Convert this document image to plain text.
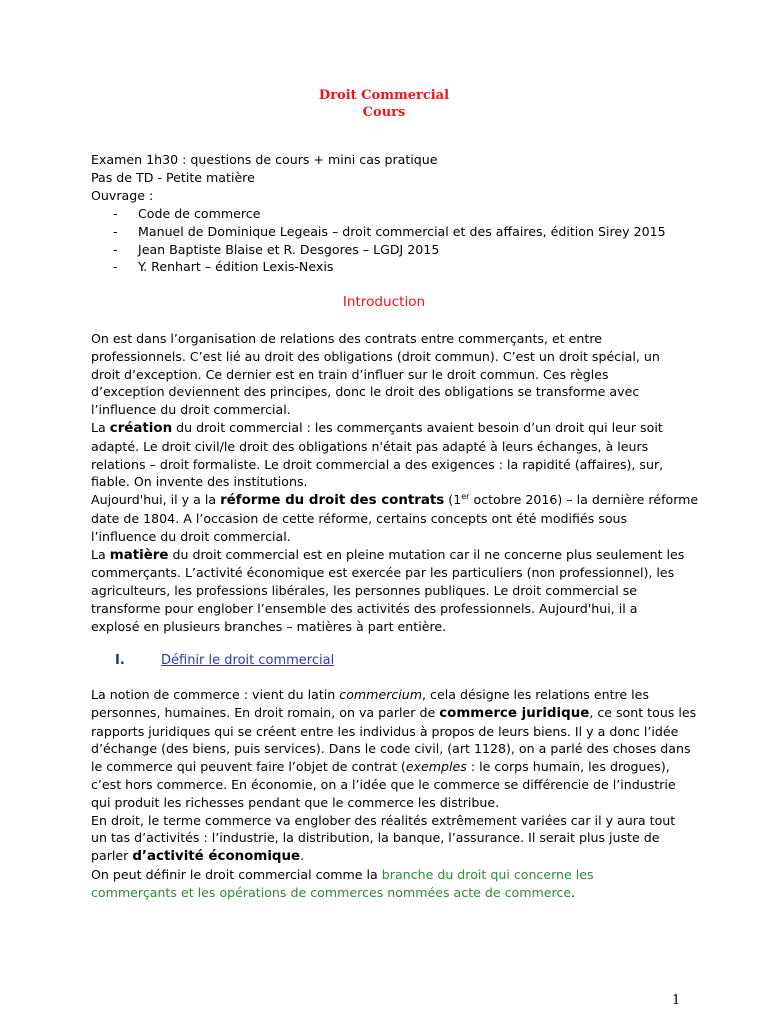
Droit Commercial
Cours
Examen 1h30 : questions de cours + mini cas pratique
Pas de TD - Petite matière
Ouvrage :
- Code de commerce
- Manuel de Dominique Legeais – droit commercial et des affaires, édition Sirey 2015
- Jean Baptiste Blaise et R. Desgores – LGDJ 2015
- Y. Renhart – édition Lexis-Nexis
Introduction
On est dans l’organisation de relations des contrats entre commerçants, et entre
professionnels. C’est lié au droit des obligations (droit commun). C’est un droit spécial, un
droit d’exception. Ce dernier est en train d’influer sur le droit commun. Ces règles
d’exception deviennent des principes, donc le droit des obligations se transforme avec
l’influence du droit commercial.
La création du droit commercial : les commerçants avaient besoin d’un droit qui leur soit
adapté. Le droit civil/le droit des obligations n'était pas adapté à leurs échanges, à leurs
relations – droit formaliste. Le droit commercial a des exigences : la rapidité (affaires), sur,
fiable. On invente des institutions.
Aujourd'hui, il y a la réforme du droit des contrats (1er octobre 2016) – la dernière réforme
date de 1804. A l’occasion de cette réforme, certains concepts ont été modifiés sous
l’influence du droit commercial.
La matière du droit commercial est en pleine mutation car il ne concerne plus seulement les
commerçants. L’activité économique est exercée par les particuliers (non professionnel), les
agriculteurs, les professions libérales, les personnes publiques. Le droit commercial se
transforme pour englober l’ensemble des activités des professionnels. Aujourd'hui, il a
explosé en plusieurs branches – matières à part entière.
I.	Définir le droit commercial
La notion de commerce : vient du latin commercium, cela désigne les relations entre les
personnes, humaines. En droit romain, on va parler de commerce juridique, ce sont tous les
rapports juridiques qui se créent entre les individus à propos de leurs biens. Il y a donc l’idée
d’échange (des biens, puis services). Dans le code civil, (art 1128), on a parlé des choses dans
le commerce qui peuvent faire l’objet de contrat (exemples : le corps humain, les drogues),
c’est hors commerce. En économie, on a l’idée que le commerce se différencie de l’industrie
qui produit les richesses pendant que le commerce les distribue.
En droit, le terme commerce va englober des réalités extrêmement variées car il y aura tout
un tas d’activités : l’industrie, la distribution, la banque, l’assurance. Il serait plus juste de
parler d’activité économique.
On peut définir le droit commercial comme la branche du droit qui concerne les
commerçants et les opérations de commerces nommées acte de commerce.
1
